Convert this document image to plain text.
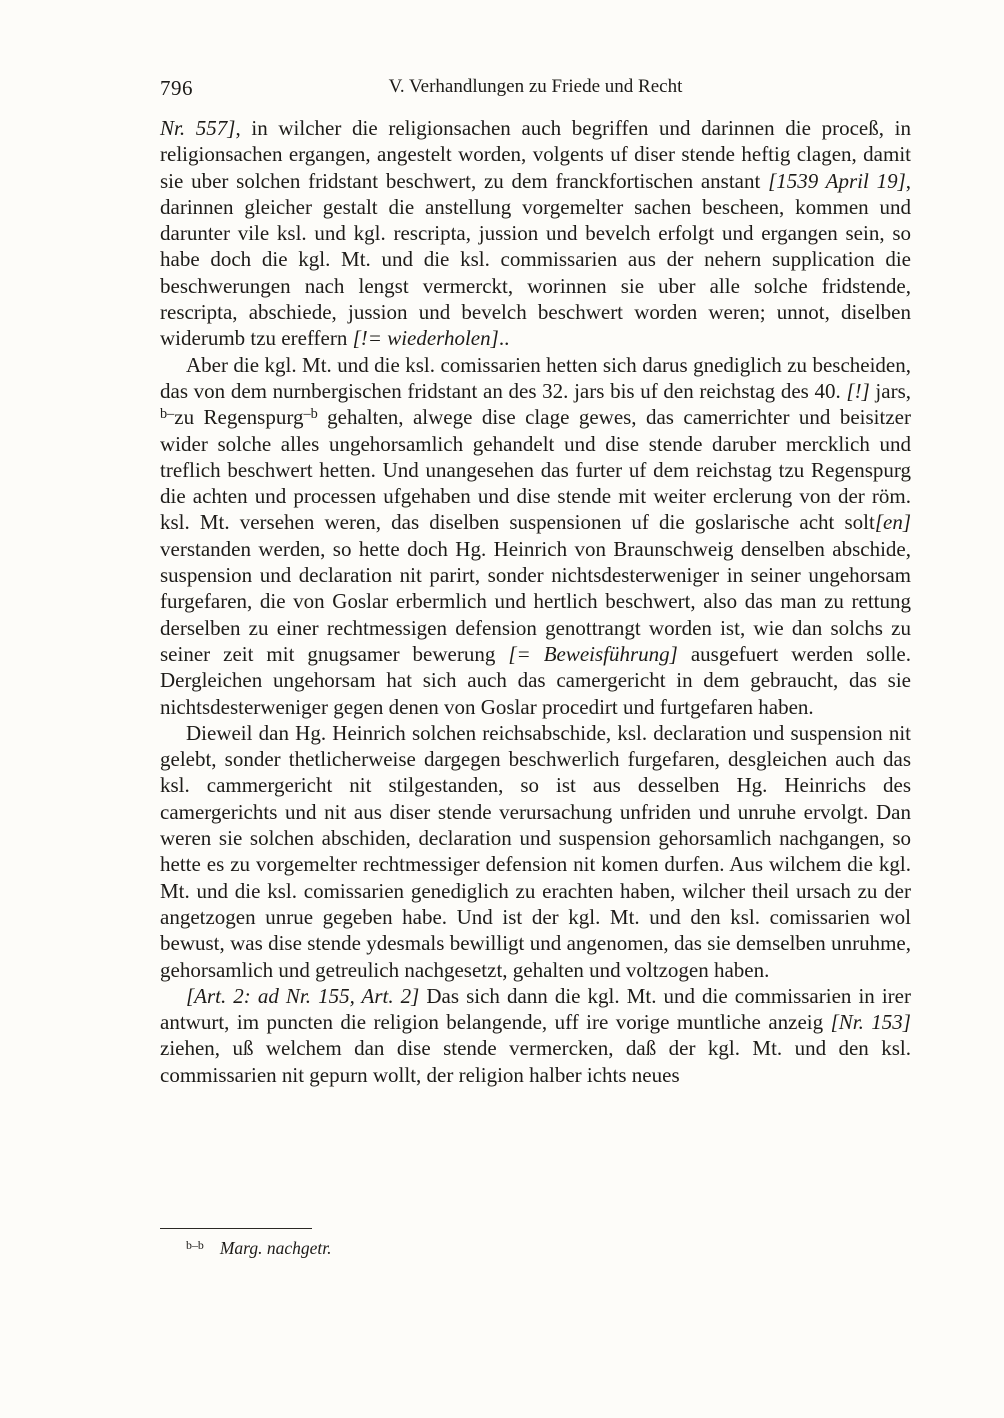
796	V. Verhandlungen zu Friede und Recht

Nr. 557], in wilcher die religionsachen auch begriffen und darinnen die proceß, in religionsachen ergangen, angestelt worden, volgents uf diser stende heftig clagen, damit sie uber solchen fridstant beschwert, zu dem franckfortischen anstant [1539 April 19], darinnen gleicher gestalt die anstellung vorgemelter sachen bescheen, kommen und darunter vile ksl. und kgl. rescripta, jussion und bevelch erfolgt und ergangen sein, so habe doch die kgl. Mt. und die ksl. commissarien aus der nehern supplication die beschwerungen nach lengst vermerckt, worinnen sie uber alle solche fridstende, rescripta, abschiede, jussion und bevelch beschwert worden weren; unnot, diselben widerumb tzu ereffern [!= wiederholen]..

Aber die kgl. Mt. und die ksl. comissarien hetten sich darus gnediglich zu bescheiden, das von dem nurnbergischen fridstant an des 32. jars bis uf den reichstag des 40. [!] jars, $^{b-}$zu Regenspurg$^{-b}$ gehalten, alwege dise clage gewes, das camerrichter und beisitzer wider solche alles ungehorsamlich gehandelt und dise stende daruber mercklich und treflich beschwert hetten. Und unangesehen das furter uf dem reichstag tzu Regenspurg die achten und processen ufgehaben und dise stende mit weiter erclerung von der röm. ksl. Mt. versehen weren, das diselben suspensionen uf die goslarische acht solt[en] verstanden werden, so hette doch Hg. Heinrich von Braunschweig denselben abschide, suspension und declaration nit parirt, sonder nichtsdesterweniger in seiner ungehorsam furgefaren, die von Goslar erbermlich und hertlich beschwert, also das man zu rettung derselben zu einer rechtmessigen defension genottrangt worden ist, wie dan solchs zu seiner zeit mit gnugsamer bewerung [= Beweisführung] ausgefuert werden solle. Dergleichen ungehorsam hat sich auch das camergericht in dem gebraucht, das sie nichtsdesterweniger gegen denen von Goslar procedirt und furtgefaren haben.

Dieweil dan Hg. Heinrich solchen reichsabschide, ksl. declaration und suspension nit gelebt, sonder thetlicherweise dargegen beschwerlich furgefaren, desgleichen auch das ksl. cammergericht nit stilgestanden, so ist aus desselben Hg. Heinrichs des camergerichts und nit aus diser stende verursachung unfriden und unruhe ervolgt. Dan weren sie solchen abschiden, declaration und suspension gehorsamlich nachgangen, so hette es zu vorgemelter rechtmessiger defension nit komen durfen. Aus wilchem die kgl. Mt. und die ksl. comissarien genediglich zu erachten haben, wilcher theil ursach zu der angetzogen unrue gegeben habe. Und ist der kgl. Mt. und den ksl. comissarien wol bewust, was dise stende ydesmals bewilligt und angenomen, das sie demselben unruhme, gehorsamlich und getreulich nachgesetzt, gehalten und voltzogen haben.

[Art. 2: ad Nr. 155, Art. 2] Das sich dann die kgl. Mt. und die commissarien in irer antwurt, im puncten die religion belangende, uff ire vorige muntliche anzeig [Nr. 153] ziehen, uß welchem dan dise stende vermercken, daß der kgl. Mt. und den ksl. commissarien nit gepurn wollt, der religion halber ichts neues

$^{b-b}$ Marg. nachgetr.
